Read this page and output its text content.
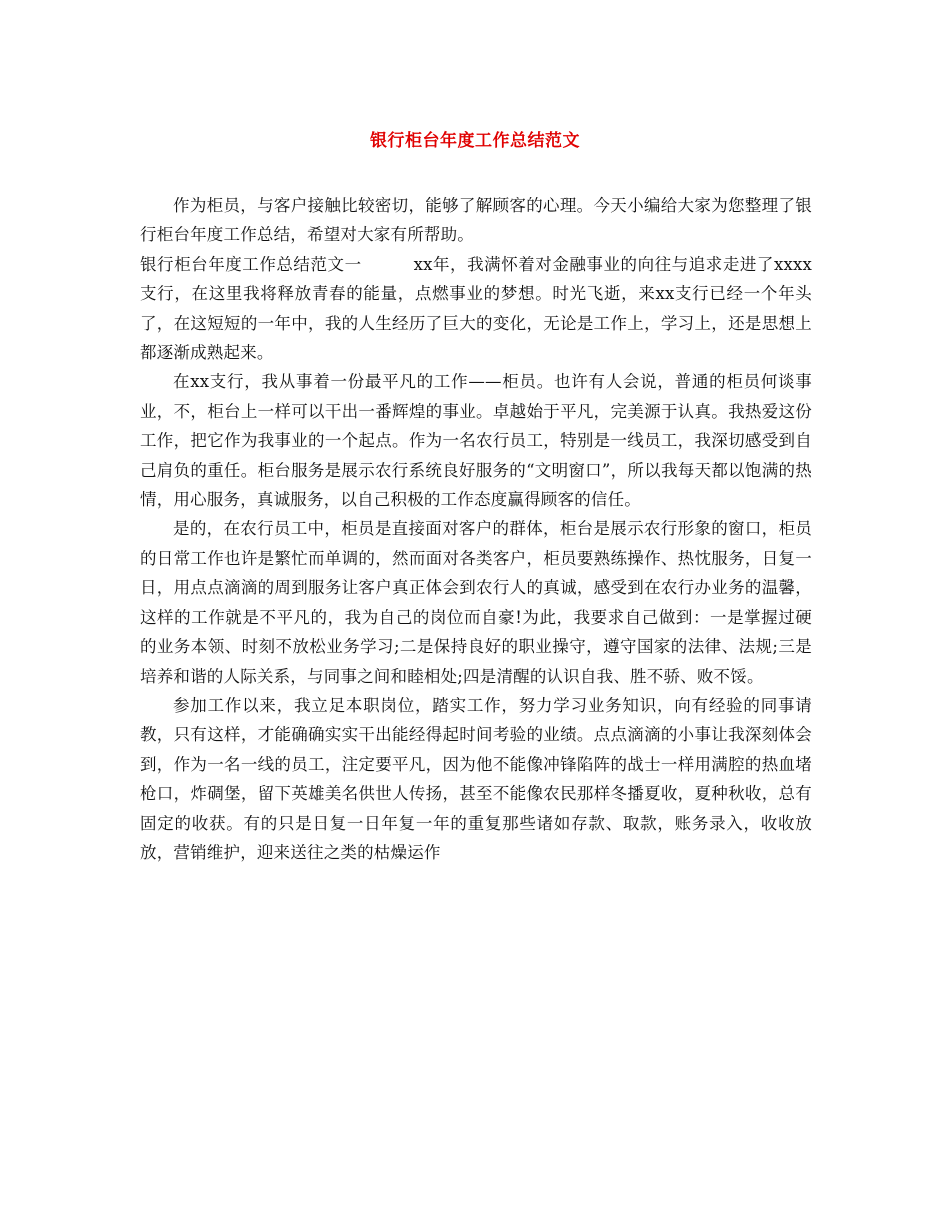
银行柜台年度工作总结范文

作为柜员，与客户接触比较密切，能够了解顾客的心理。今天小编给大家为您整理了银行柜台年度工作总结，希望对大家有所帮助。

银行柜台年度工作总结范文一	xx年，我满怀着对金融事业的向往与追求走进了xxxx支行，在这里我将释放青春的能量，点燃事业的梦想。时光飞逝，来xx支行已经一个年头了，在这短短的一年中，我的人生经历了巨大的变化，无论是工作上，学习上，还是思想上都逐渐成熟起来。

在xx支行，我从事着一份最平凡的工作——柜员。也许有人会说，普通的柜员何谈事业，不，柜台上一样可以干出一番辉煌的事业。卓越始于平凡，完美源于认真。我热爱这份工作，把它作为我事业的一个起点。作为一名农行员工，特别是一线员工，我深切感受到自己肩负的重任。柜台服务是展示农行系统良好服务的“文明窗口”，所以我每天都以饱满的热情，用心服务，真诚服务，以自己积极的工作态度赢得顾客的信任。

是的，在农行员工中，柜员是直接面对客户的群体，柜台是展示农行形象的窗口，柜员的日常工作也许是繁忙而单调的，然而面对各类客户，柜员要熟练操作、热忱服务，日复一日，用点点滴滴的周到服务让客户真正体会到农行人的真诚，感受到在农行办业务的温馨，这样的工作就是不平凡的，我为自己的岗位而自豪!为此，我要求自己做到：一是掌握过硬的业务本领、时刻不放松业务学习;二是保持良好的职业操守，遵守国家的法律、法规;三是培养和谐的人际关系，与同事之间和睦相处;四是清醒的认识自我、胜不骄、败不馁。

参加工作以来，我立足本职岗位，踏实工作，努力学习业务知识，向有经验的同事请教，只有这样，才能确确实实干出能经得起时间考验的业绩。点点滴滴的小事让我深刻体会到，作为一名一线的员工，注定要平凡，因为他不能像冲锋陷阵的战士一样用满腔的热血堵枪口，炸碉堡，留下英雄美名供世人传扬，甚至不能像农民那样冬播夏收，夏种秋收，总有固定的收获。有的只是日复一日年复一年的重复那些诸如存款、取款，账务录入，收收放放，营销维护，迎来送往之类的枯燥运作
